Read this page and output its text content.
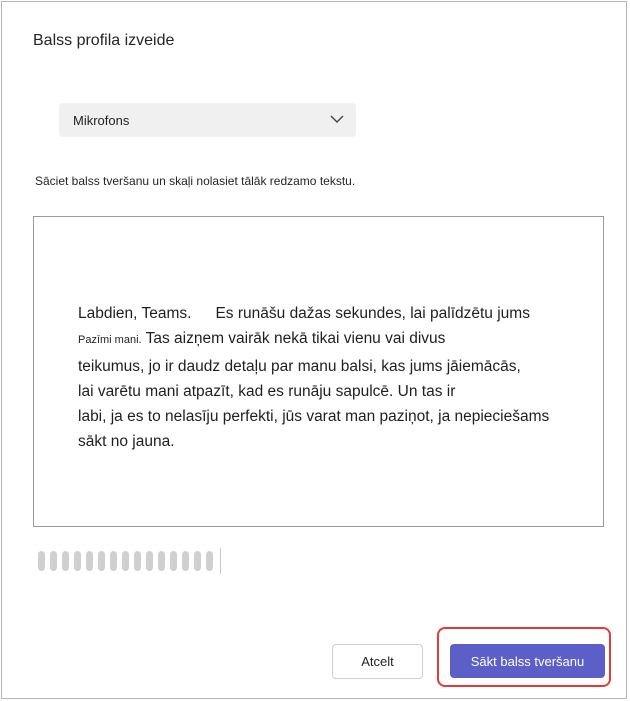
Balss profila izveide
Mikrofons
Sāciet balss tveršanu un skaļi nolasiet tālāk redzamo tekstu.
Labdien, Teams. Es runāšu dažas sekundes, lai palīdzētu jums
Pazīmi mani. Tas aizņem vairāk nekā tikai vienu vai divus
teikumus, jo ir daudz detaļu par manu balsi, kas jums jāiemācās,
lai varētu mani atpazīt, kad es runāju sapulcē. Un tas ir
labi, ja es to nelasīju perfekti, jūs varat man paziņot, ja nepieciešams
sākt no jauna.
Atcelt	Sākt balss tveršanu
